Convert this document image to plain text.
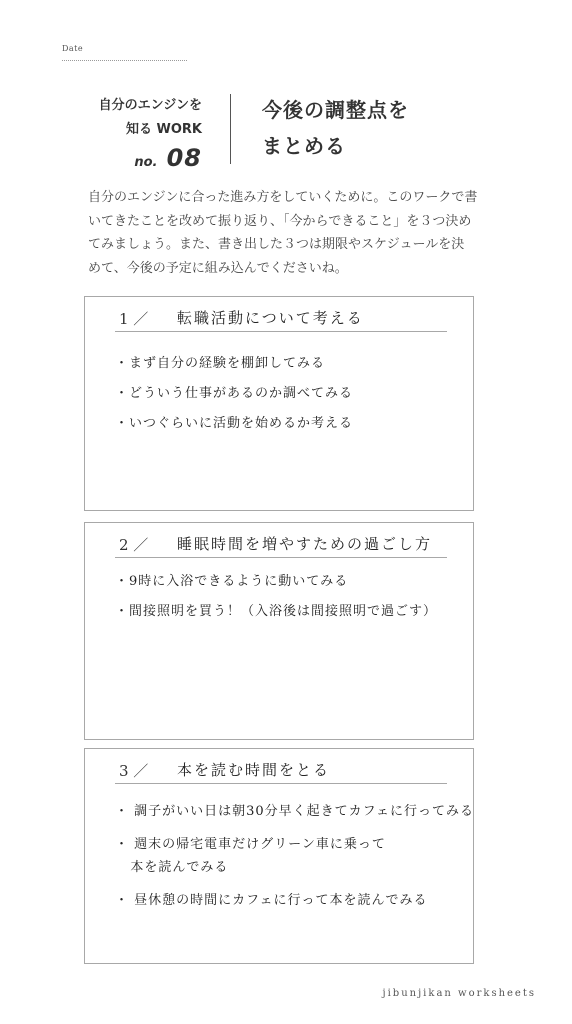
Date
自分のエンジンを
知る WORK
no. 08
今後の調整点を
まとめる
自分のエンジンに合った進み方をしていくために。このワークで書
いてきたことを改めて振り返り、「今からできること」を３つ決め
てみましょう。また、書き出した３つは期限やスケジュールを決
めて、今後の予定に組み込んでくださいね。
1 ／ 転職活動について考える
・まず自分の経験を棚卸してみる
・どういう仕事があるのか調べてみる
・いつぐらいに活動を始めるか考える
2 ／ 睡眠時間を増やすための過ごし方
・9時に入浴できるように動いてみる
・間接照明を買う！（入浴後は間接照明で過ごす）
3 ／ 本を読む時間をとる
・ 調子がいい日は朝30分早く起きてカフェに行ってみる
・ 週末の帰宅電車だけグリーン車に乗って
本を読んでみる
・ 昼休憩の時間にカフェに行って本を読んでみる
jibunjikan worksheets
